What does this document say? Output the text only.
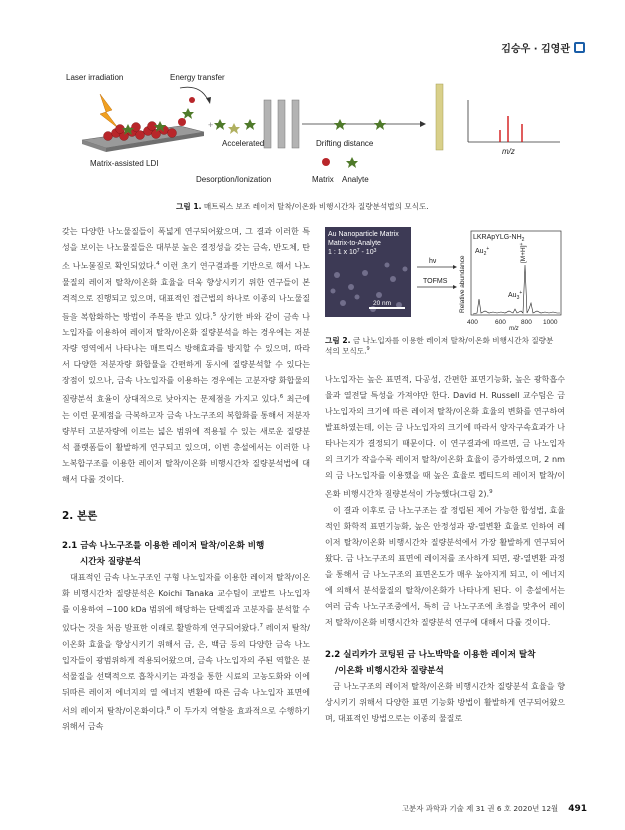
김승우 · 김영관
Laser irradiation	Energy transfer
Matrix-assisted LDI
+
Accelerated	Drifting distance
m/z
Desorption/Ionization	Matrix Analyte
그림 1. 매트릭스 보조 레이저 탈착/이온화 비행시간차 질량분석법의 모식도.

갖는 다양한 나노물질들이 폭넓게 연구되어왔으며, 그 결과 이러한 특성을 보이는 나노물질들은 대부분 높은 결정성을 갖는 금속, 반도체, 탄소 나노물질로 확인되었다.$^4$ 이런 초기 연구결과를 기반으로 해서 나노물질의 레이저 탈착/이온화 효율을 더욱 향상시키기 위한 연구들이 본격적으로 진행되고 있으며, 대표적인 접근법의 하나로 이종의 나노물질들을 복합화하는 방법이 주목을 받고 있다.$^5$ 상기한 바와 같이 금속 나노입자를 이용하여 레이저 탈착/이온화 질량분석을 하는 경우에는 저분자량 영역에서 나타나는 매트릭스 방해효과를 방지할 수 있으며, 따라서 다양한 저분자량 화합물을 간편하게 동시에 질량분석할 수 있다는 장점이 있으나, 금속 나노입자를 이용하는 경우에는 고분자량 화합물의 질량분석 효율이 상대적으로 낮아지는 문제점을 가지고 있다.$^6$ 최근에는 이런 문제점을 극복하고자 금속 나노구조의 복합화를 통해서 저분자량부터 고분자량에 이르는 넓은 범위에 적용될 수 있는 새로운 질량분석 플랫폼들이 활발하게 연구되고 있으며, 이번 총설에서는 이러한 나노복합구조를 이용한 레이저 탈착/이온화 비행시간차 질량분석법에 대해서 다룰 것이다.

2. 본론
2.1 금속 나노구조를 이용한 레이저 탈착/이온화 비행
시간차 질량분석

대표적인 금속 나노구조인 구형 나노입자를 이용한 레이저 탈착/이온화 비행시간차 질량분석은 Koichi Tanaka 교수팀이 코발트 나노입자를 이용하여 ~100 kDa 범위에 해당하는 단백질과 고분자를 분석할 수 있다는 것을 처음 발표한 이래로 활발하게 연구되어왔다.$^7$ 레이저 탈착/이온화 효율을 향상시키기 위해서 금, 은, 백금 등의 다양한 금속 나노입자들이 광범위하게 적용되어왔으며, 금속 나노입자의 주된 역할은 분석물질을 선택적으로 흡착시키는 과정을 통한 시료의 고농도화와 이에 뒤따른 레이저 에너지의 열 에너지 변환에 따른 금속 나노입자 표면에서의 레이저 탈착/이온화이다.$^8$ 이 두가지 역할을 효과적으로 수행하기 위해서 금속

Au Nanoparticle Matrix
Matrix-to-Analyte
1 : 1 x $10^7 - 10^3$
20 nm
hν
TOFMS Relative abundance
LKRApYLG-$NH_2$
$Au_2^+$	[M+H]+
$Au_3^+$
400	600 800 1000
m/z
그림 2. 금 나노입자를 이용한 레이저 탈착/이온화 비행시간차 질량분석의 모식도.$^9$

나노입자는 높은 표면적, 다공성, 간편한 표면기능화, 높은 광학흡수율과 열전달 특성을 가져야만 한다. David H. Russell 교수팀은 금 나노입자의 크기에 따른 레이저 탈착/이온화 효율의 변화를 연구하여 발표하였는데, 이는 금 나노입자의 크기에 따라서 양자구속효과가 나타나는지가 결정되기 때문이다. 이 연구결과에 따르면, 금 나노입자의 크기가 작을수록 레이저 탈착/이온화 효율이 증가하였으며, 2 nm의 금 나노입자를 이용했을 때 높은 효율로 펩티드의 레이저 탈착/이온화 비행시간차 질량분석이 가능했다(그림 2).$^9$

이 결과 이후로 금 나노구조는 잘 정립된 제어 가능한 합성법, 효율적인 화학적 표면기능화, 높은 안정성과 광-열변환 효율로 인하여 레이저 탈착/이온화 비행시간차 질량분석에서 가장 활발하게 연구되어왔다. 금 나노구조의 표면에 레이저를 조사하게 되면, 광-열변환 과정을 통해서 금 나노구조의 표면온도가 매우 높아지게 되고, 이 에너지에 의해서 분석물질의 탈착/이온화가 나타나게 된다. 이 총설에서는 여러 금속 나노구조중에서, 특히 금 나노구조에 초점을 맞추어 레이저 탈착/이온화 비행시간차 질량분석 연구에 대해서 다룰 것이다.

2.2 실리카가 코팅된 금 나노박막을 이용한 레이저 탈착
/이온화 비행시간차 질량분석

금 나노구조의 레이저 탈착/이온화 비행시간차 질량분석 효율을 향상시키기 위해서 다양한 표면 기능화 방법이 활발하게 연구되어왔으며, 대표적인 방법으로는 이종의 물질로

고분자 과학과 기술 제 31 권 6 호 2020년 12월 491
